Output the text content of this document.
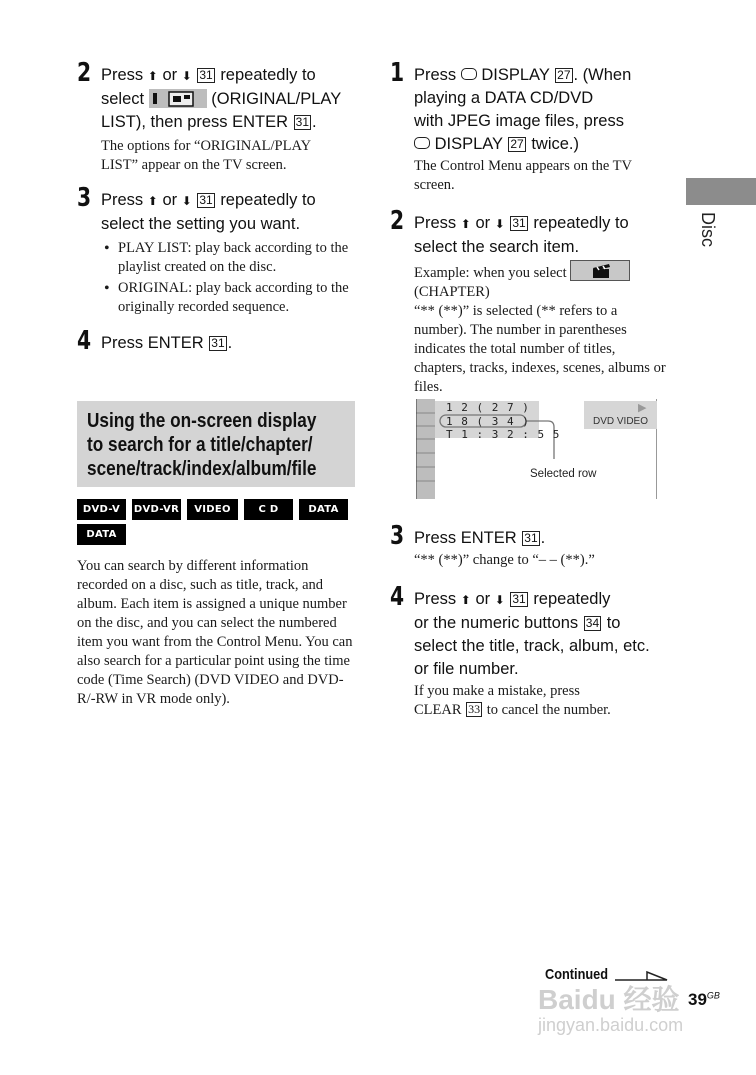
2 Press ⬆ or ⬇ 31 repeatedly to
select	(ORIGINAL/PLAY
LIST), then press ENTER 31 .
The options for “ORIGINAL/PLAY LIST” appear on the TV screen.
3 Press ⬆ or ⬇ 31 repeatedly to
select the setting you want.
• PLAY LIST: play back according to the playlist created on the disc.
• ORIGINAL: play back according to the originally recorded sequence.
4 Press ENTER 31 .
Using the on-screen display
to search for a title/chapter/
scene/track/index/album/file
DVD-V	DVD-VR	VIDEO CD
C D	DATA CD
DATA DVD
You can search by different information recorded on a disc, such as title, track, and album. Each item is assigned a unique number on the disc, and you can select the numbered item you want from the Control Menu. You can also search for a particular point using the time code (Time Search) (DVD VIDEO and DVD-R/-RW in VR mode only).
1 Press DISPLAY 27 . (When
playing a DATA CD/DVD
with JPEG image files, press
DISPLAY 27 twice.)
The Control Menu appears on the TV screen.
2 Press ⬆ or ⬇ 31 repeatedly to
select the search item.
Example: when you select

(CHAPTER)
“** (**)” is selected (** refers to a number). The number in parentheses indicates the total number of titles, chapters, tracks, indexes, scenes, albums or files.
1 2 ( 2 7 )
1 8 ( 3 4 )
T 1 : 3 2 : 5 5
DVD VIDEO
▶
Selected row
3 Press ENTER 31 .
“** (**)” change to “– – (**).”
4 Press ⬆ or ⬇ 31 repeatedly
or the numeric buttons 34 to
select the title, track, album, etc.
or file number.
If you make a mistake, press
CLEAR 33 to cancel the number.
Disc
Continued
Baidu 经验
jingyan.baidu.com
$39^{GB}$
